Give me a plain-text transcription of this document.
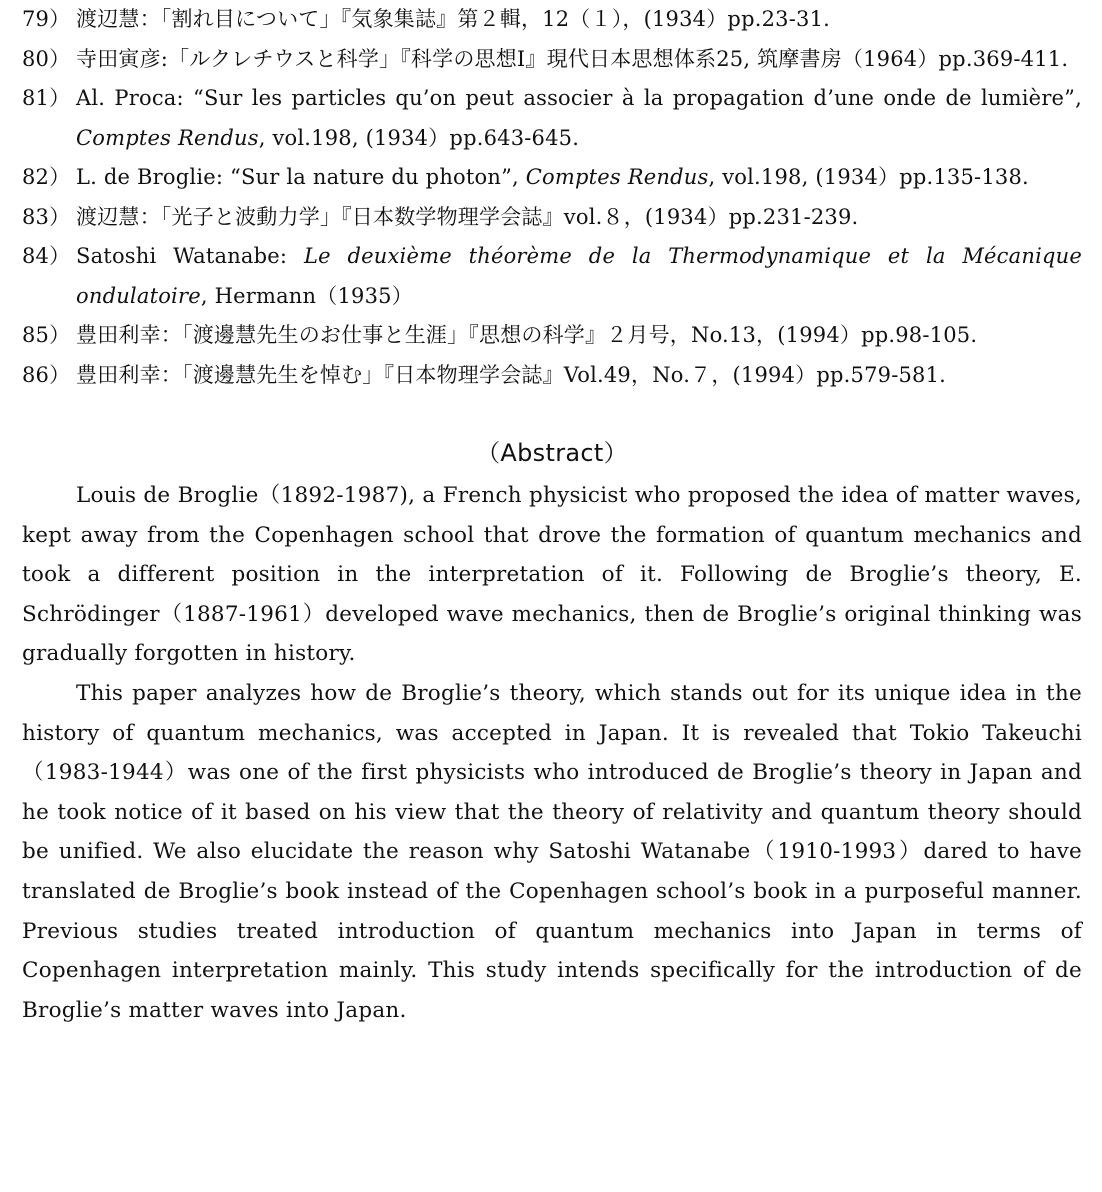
79） 渡辺慧：「割れ目について」『気象集誌』第２輯，12（１），(1934）pp.23-31.
80） 寺田寅彦:「ルクレチウスと科学」『科学の思想I』現代日本思想体系25, 筑摩書房（1964）pp.369-411.
81） Al. Proca: “Sur les particles qu’on peut associer à la propagation d’une onde de lumière”, Comptes Rendus, vol.198, (1934）pp.643-645.
82） L. de Broglie: “Sur la nature du photon”, Comptes Rendus, vol.198, (1934）pp.135-138.
83） 渡辺慧：「光子と波動力学」『日本数学物理学会誌』vol.８，(1934）pp.231-239.
84） Satoshi Watanabe: Le deuxième théorème de la Thermodynamique et la Mécanique ondulatoire, Hermann（1935）
85） 豊田利幸：「渡邊慧先生のお仕事と生涯」『思想の科学』２月号，No.13，(1994）pp.98-105.
86） 豊田利幸：「渡邊慧先生を悼む」『日本物理学会誌』Vol.49，No.７，(1994）pp.579-581.
（Abstract）

Louis de Broglie（1892-1987), a French physicist who proposed the idea of matter waves, kept away from the Copenhagen school that drove the formation of quantum mechanics and took a different position in the interpretation of it. Following de Broglie’s theory, E. Schrödinger（1887-1961）developed wave mechanics, then de Broglie’s original thinking was gradually forgotten in history.

This paper analyzes how de Broglie’s theory, which stands out for its unique idea in the history of quantum mechanics, was accepted in Japan. It is revealed that Tokio Takeuchi（1983-1944）was one of the first physicists who introduced de Broglie’s theory in Japan and he took notice of it based on his view that the theory of relativity and quantum theory should be unified. We also elucidate the reason why Satoshi Watanabe（1910-1993）dared to have translated de Broglie’s book instead of the Copenhagen school’s book in a purposeful manner. Previous studies treated introduction of quantum mechanics into Japan in terms of Copenhagen interpretation mainly. This study intends specifically for the introduction of de Broglie’s matter waves into Japan.
